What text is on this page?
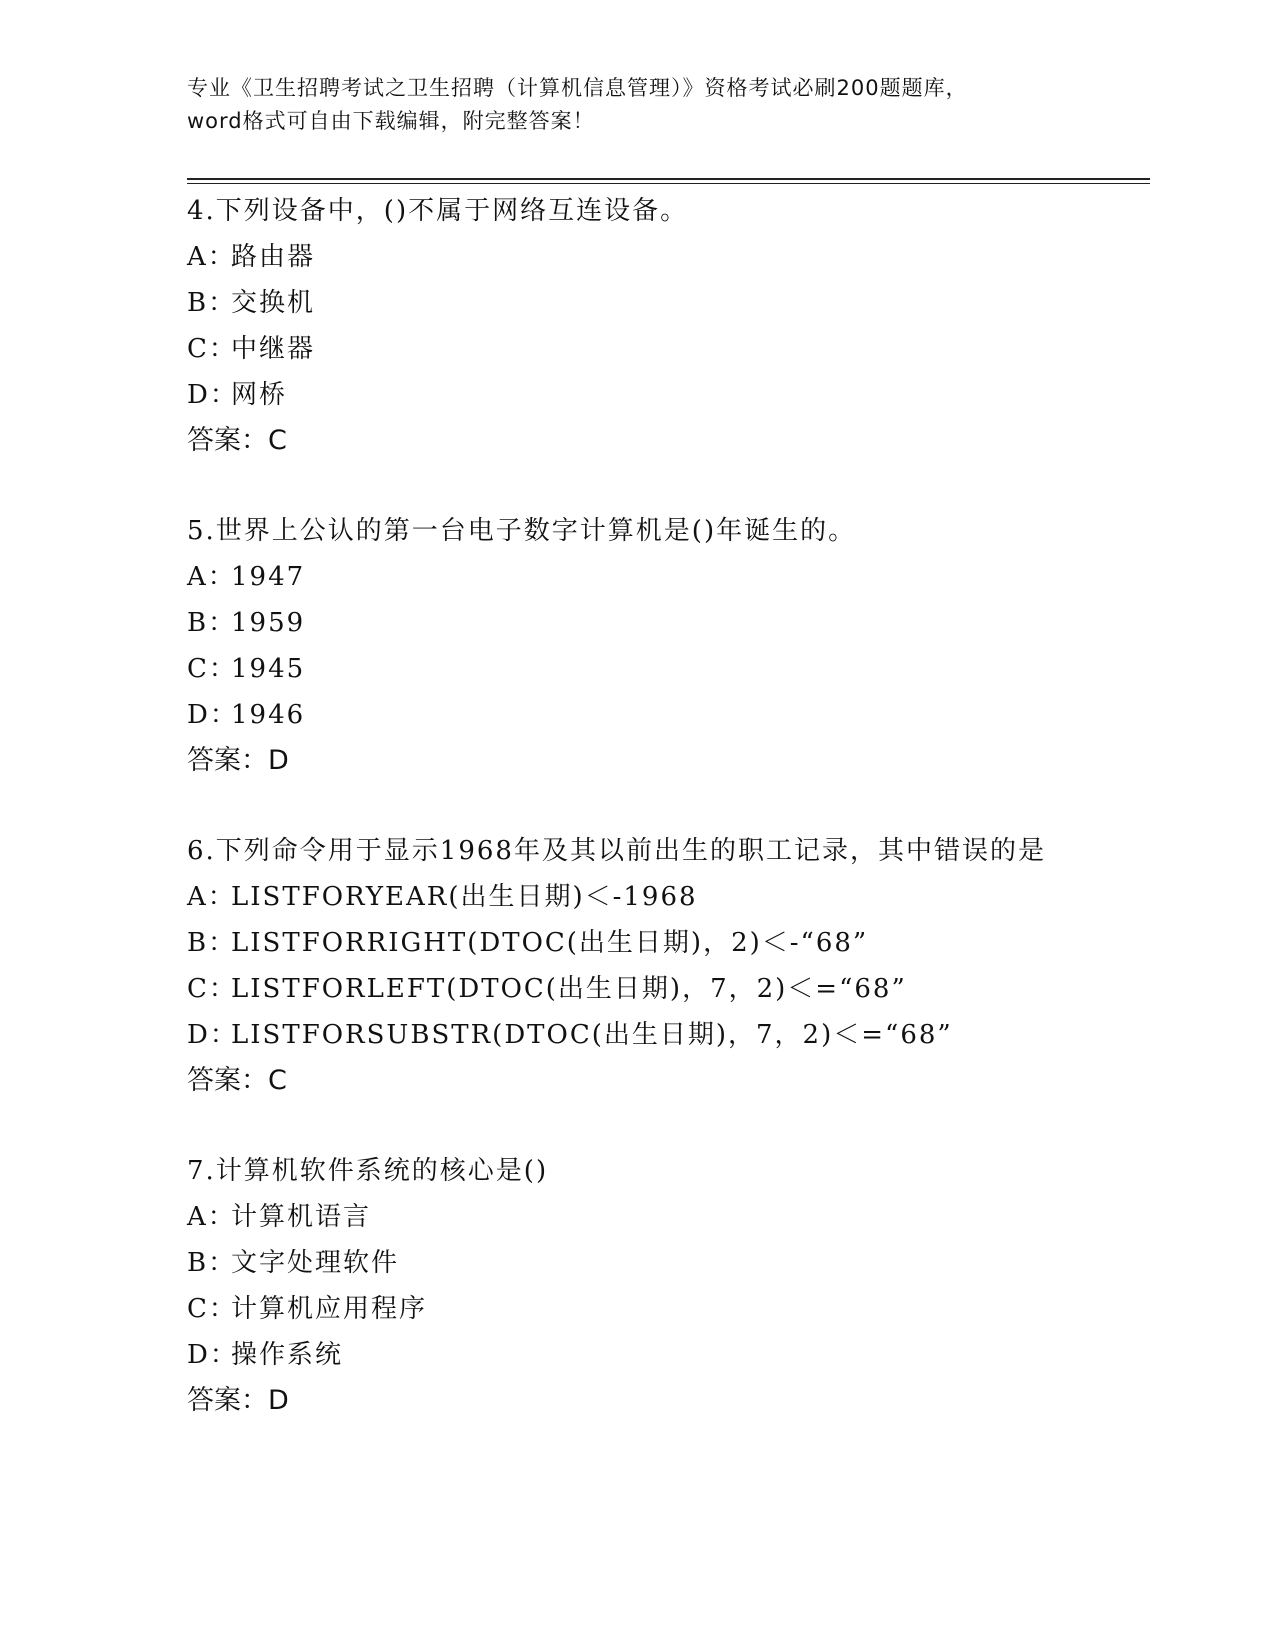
专业《卫生招聘考试之卫生招聘（计算机信息管理）》资格考试必刷200题题库，
word格式可自由下载编辑，附完整答案！
4.下列设备中，()不属于网络互连设备。
A：路由器
B：交换机
C：中继器
D：网桥
答案：C
5.世界上公认的第一台电子数字计算机是()年诞生的。
A：1947
B：1959
C：1945
D：1946
答案：D
6.下列命令用于显示1968年及其以前出生的职工记录，其中错误的是
A：LISTFORYEAR(出生日期)＜-1968
B：LISTFORRIGHT(DTOC(出生日期)，2)＜-“68”
C：LISTFORLEFT(DTOC(出生日期)，7，2)＜=“68”
D：LISTFORSUBSTR(DTOC(出生日期)，7，2)＜=“68”
答案：C
7.计算机软件系统的核心是()
A：计算机语言
B：文字处理软件
C：计算机应用程序
D：操作系统
答案：D
